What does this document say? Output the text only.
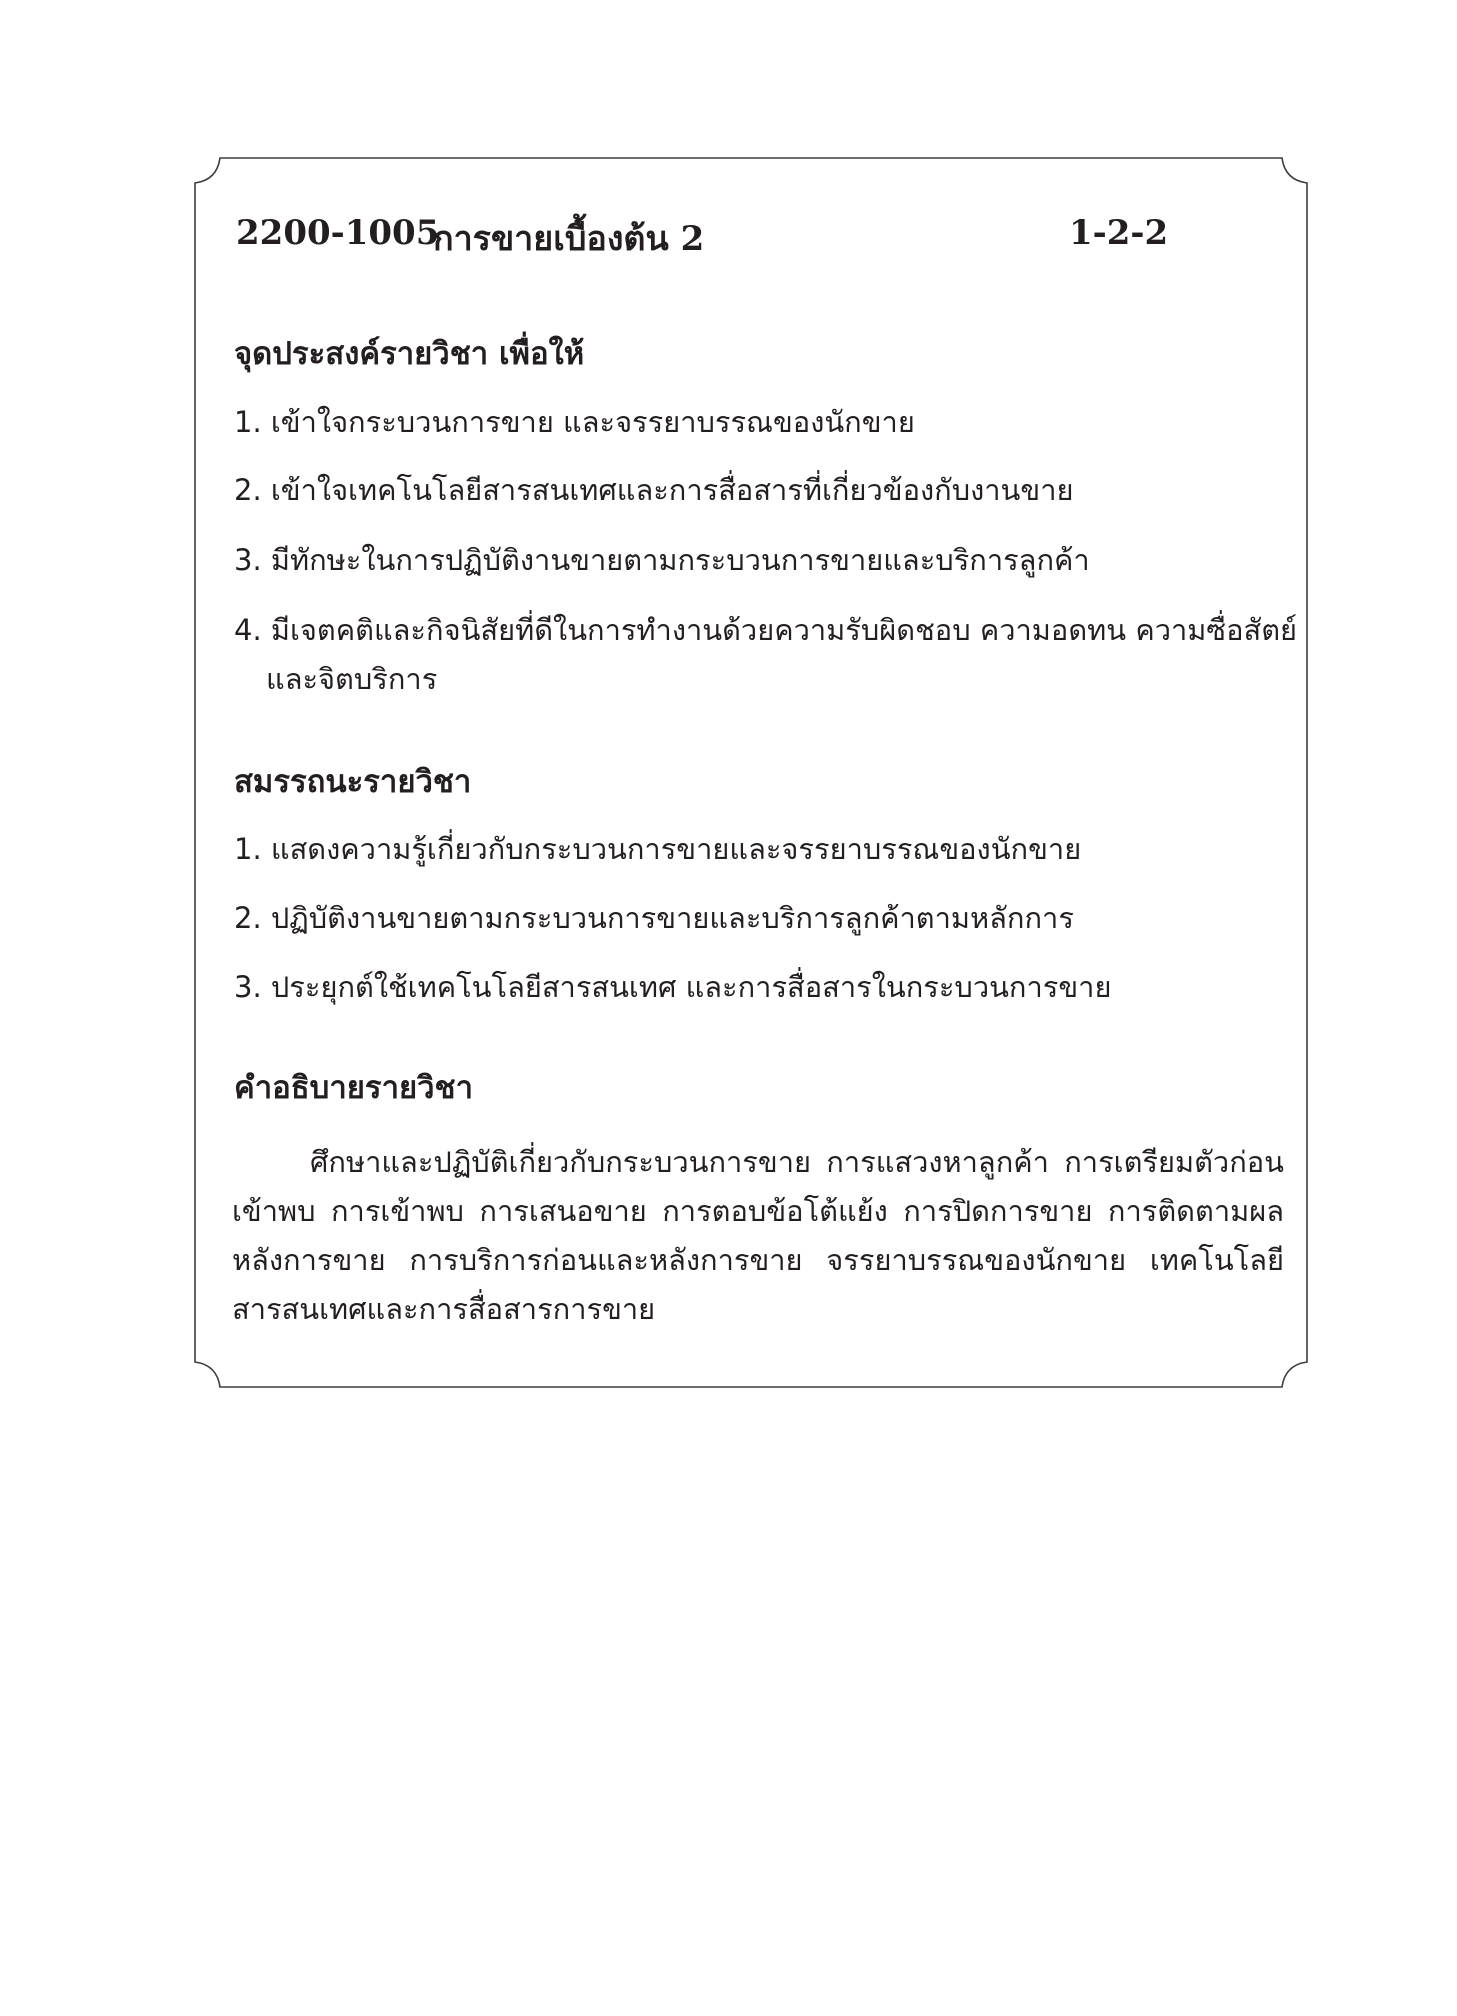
2200-1005
การขายเบื้องต้น 2	1-2-2
จุดประสงค์รายวิชา เพื่อให้
1. เข้าใจกระบวนการขาย และจรรยาบรรณของนักขาย
2. เข้าใจเทคโนโลยีสารสนเทศและการสื่อสารที่เกี่ยวข้องกับงานขาย
3. มีทักษะในการปฏิบัติงานขายตามกระบวนการขายและบริการลูกค้า
4. มีเจตคติและกิจนิสัยที่ดีในการทำงานด้วยความรับผิดชอบ ความอดทน ความซื่อสัตย์
และจิตบริการ
สมรรถนะรายวิชา
1. แสดงความรู้เกี่ยวกับกระบวนการขายและจรรยาบรรณของนักขาย
2. ปฏิบัติงานขายตามกระบวนการขายและบริการลูกค้าตามหลักการ
3. ประยุกต์ใช้เทคโนโลยีสารสนเทศ และการสื่อสารในกระบวนการขาย
คำอธิบายรายวิชา

ศึกษาและปฏิบัติเกี่ยวกับกระบวนการขาย การแสวงหาลูกค้า การเตรียมตัวก่อนเข้าพบ การเข้าพบ การเสนอขาย การตอบข้อโต้แย้ง การปิดการขาย การติดตามผลหลังการขาย การบริการก่อนและหลังการขาย จรรยาบรรณของนักขาย เทคโนโลยีสารสนเทศและการสื่อสารการขาย
